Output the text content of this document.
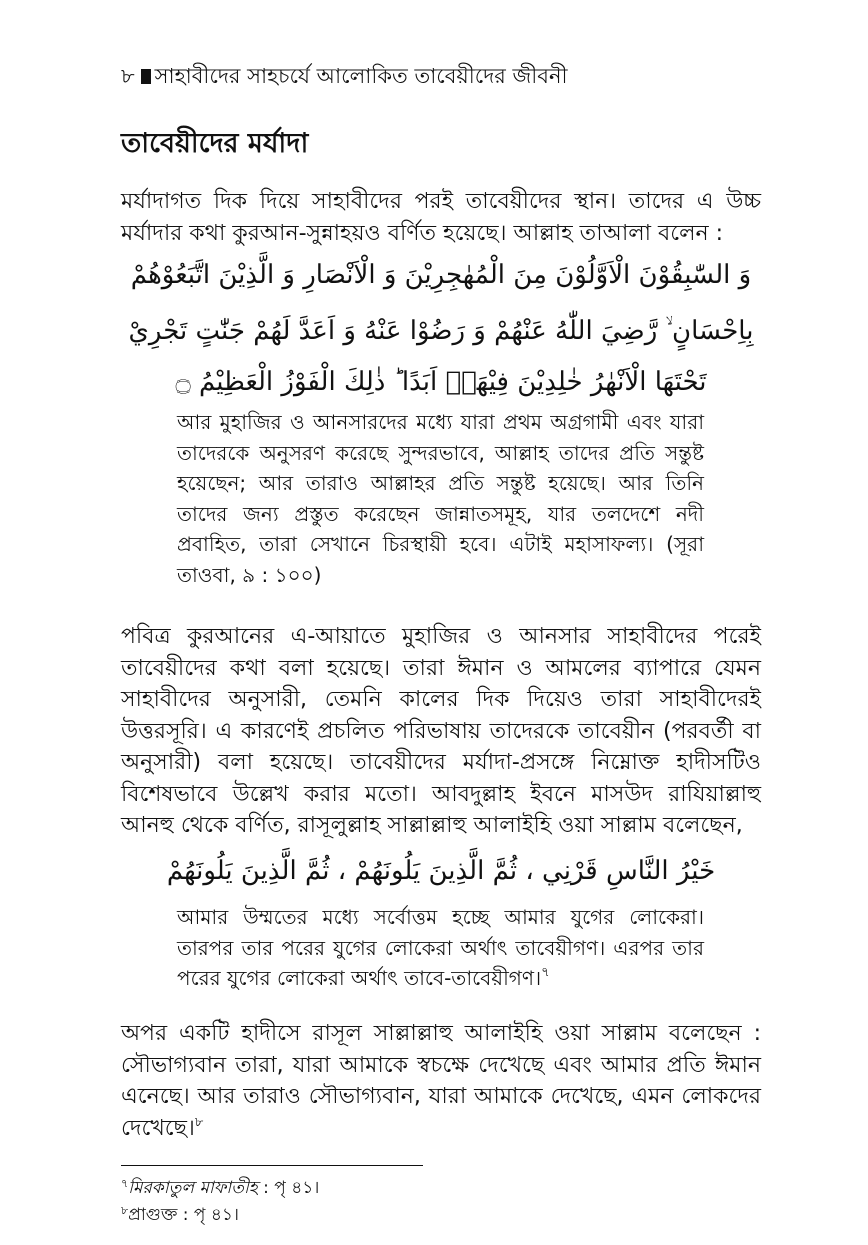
৮ সাহাবীদের সাহচর্যে আলোকিত তাবেয়ীদের জীবনী
তাবেয়ীদের মর্যাদা
মর্যাদাগত দিক দিয়ে সাহাবীদের পরই তাবেয়ীদের স্থান। তাদের এ উচ্চ মর্যাদার কথা কুরআন-সুন্নাহয়ও বর্ণিত হয়েছে। আল্লাহ তাআলা বলেন :
وَ السّٰبِقُوْنَ الْاَوَّلُوْنَ مِنَ الْمُهٰجِرِيْنَ وَ الْاَنْصَارِ وَ الَّذِيْنَ اتَّبَعُوْهُمْ
بِاِحْسَانٍ ۙ رَّضِيَ اللّٰهُ عَنْهُمْ وَ رَضُوْا عَنْهُ وَ اَعَدَّ لَهُمْ جَنّٰتٍ تَجْرِيْ
تَحْتَهَا الْاَنْهٰرُ خٰلِدِيْنَ فِيْهَاۤ اَبَدًا ؕ ذٰلِكَ الْفَوْزُ الْعَظِيْمُ ۝
আর মুহাজির ও আনসারদের মধ্যে যারা প্রথম অগ্রগামী এবং যারা তাদেরকে অনুসরণ করেছে সুন্দরভাবে, আল্লাহ তাদের প্রতি সন্তুষ্ট হয়েছেন; আর তারাও আল্লাহর প্রতি সন্তুষ্ট হয়েছে। আর তিনি তাদের জন্য প্রস্তুত করেছেন জান্নাতসমূহ, যার তলদেশে নদী প্রবাহিত, তারা সেখানে চিরস্থায়ী হবে। এটাই মহাসাফল্য। (সূরা তাওবা, ৯ : ১০০)
পবিত্র কুরআনের এ-আয়াতে মুহাজির ও আনসার সাহাবীদের পরেই তাবেয়ীদের কথা বলা হয়েছে। তারা ঈমান ও আমলের ব্যাপারে যেমন সাহাবীদের অনুসারী, তেমনি কালের দিক দিয়েও তারা সাহাবীদেরই উত্তরসূরি। এ কারণেই প্রচলিত পরিভাষায় তাদেরকে তাবেয়ীন (পরবর্তী বা অনুসারী) বলা হয়েছে। তাবেয়ীদের মর্যাদা-প্রসঙ্গে নিম্নোক্ত হাদীসটিও বিশেষভাবে উল্লেখ করার মতো। আবদুল্লাহ ইবনে মাসউদ রাযিয়াল্লাহু আনহু থেকে বর্ণিত, রাসূলুল্লাহ সাল্লাল্লাহু আলাইহি ওয়া সাল্লাম বলেছেন,
خَيْرُ النَّاسِ قَرْنِي ، ثُمَّ الَّذِينَ يَلُونَهُمْ ، ثُمَّ الَّذِينَ يَلُونَهُمْ
আমার উম্মতের মধ্যে সর্বোত্তম হচ্ছে আমার যুগের লোকেরা। তারপর তার পরের যুগের লোকেরা অর্থাৎ তাবেয়ীগণ। এরপর তার পরের যুগের লোকেরা অর্থাৎ তাবে-তাবেয়ীগণ।$^৭$
অপর একটি হাদীসে রাসূল সাল্লাল্লাহু আলাইহি ওয়া সাল্লাম বলেছেন : সৌভাগ্যবান তারা, যারা আমাকে স্বচক্ষে দেখেছে এবং আমার প্রতি ঈমান এনেছে। আর তারাও সৌভাগ্যবান, যারা আমাকে দেখেছে, এমন লোকদের দেখেছে।$^৮$
$^৭$মিরকাতুল মাফাতীহ : পৃ ৪১।
$^৮$প্রাগুক্ত : পৃ ৪১।
